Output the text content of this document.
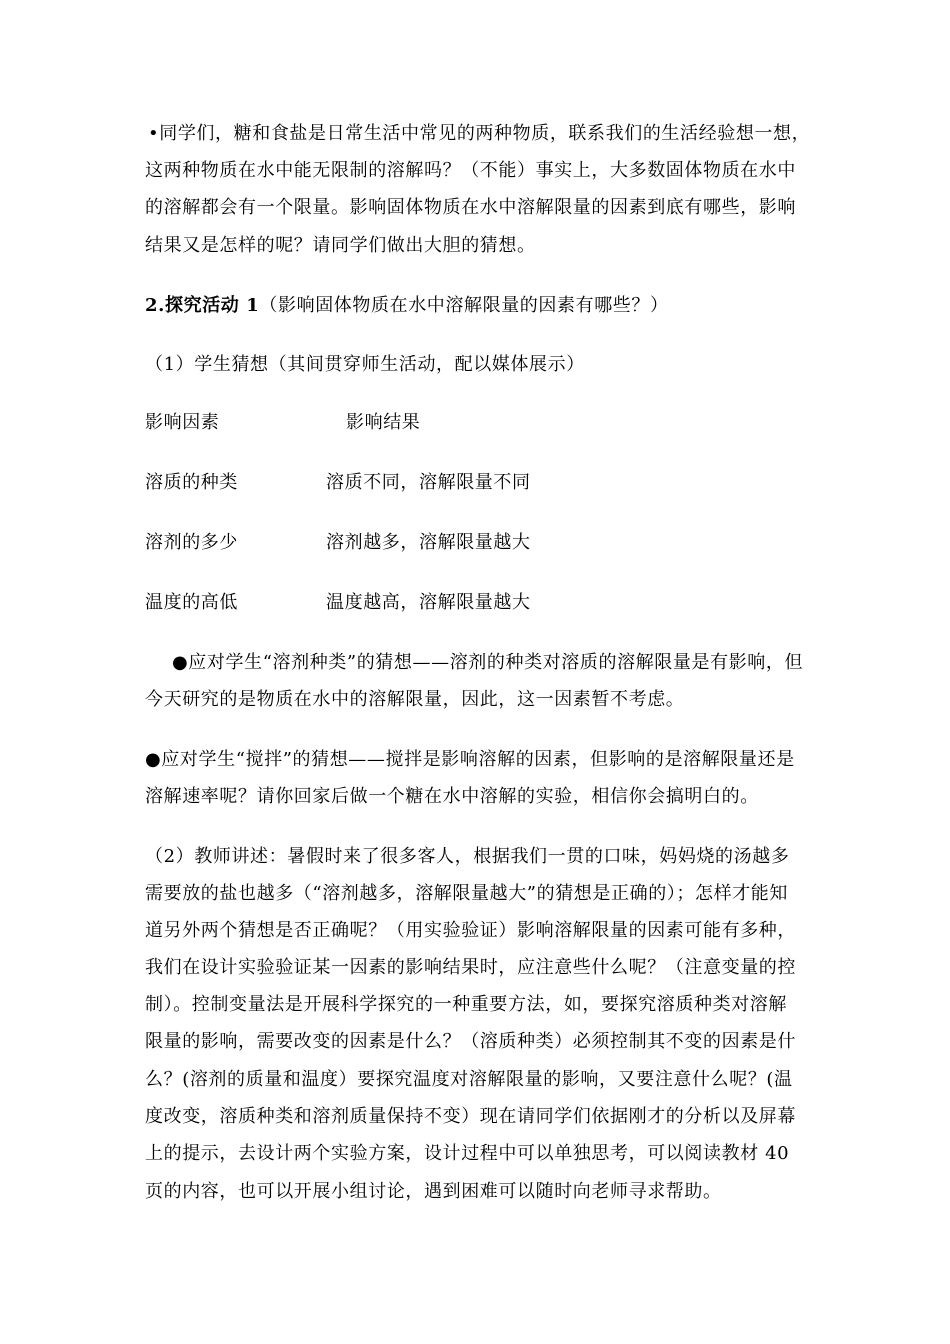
•同学们，糖和食盐是日常生活中常见的两种物质，联系我们的生活经验想一想，
这两种物质在水中能无限制的溶解吗？（不能）事实上，大多数固体物质在水中
的溶解都会有一个限量。影响固体物质在水中溶解限量的因素到底有哪些，影响
结果又是怎样的呢？请同学们做出大胆的猜想。
2.探究活动 1（影响固体物质在水中溶解限量的因素有哪些？）
（1）学生猜想（其间贯穿师生活动，配以媒体展示）
影响因素	影响结果
溶质的种类	溶质不同，溶解限量不同
溶剂的多少	溶剂越多，溶解限量越大
温度的高低	温度越高，溶解限量越大
●应对学生“溶剂种类”的猜想——溶剂的种类对溶质的溶解限量是有影响，但
今天研究的是物质在水中的溶解限量，因此，这一因素暂不考虑。
●应对学生“搅拌”的猜想——搅拌是影响溶解的因素，但影响的是溶解限量还是
溶解速率呢？请你回家后做一个糖在水中溶解的实验，相信你会搞明白的。
（2）教师讲述：暑假时来了很多客人，根据我们一贯的口味，妈妈烧的汤越多
需要放的盐也越多（“溶剂越多，溶解限量越大”的猜想是正确的）；怎样才能知
道另外两个猜想是否正确呢？（用实验验证）影响溶解限量的因素可能有多种，
我们在设计实验验证某一因素的影响结果时，应注意些什么呢？（注意变量的控
制）。控制变量法是开展科学探究的一种重要方法，如，要探究溶质种类对溶解
限量的影响，需要改变的因素是什么？（溶质种类）必须控制其不变的因素是什
么？(溶剂的质量和温度）要探究温度对溶解限量的影响，又要注意什么呢？(温
度改变，溶质种类和溶剂质量保持不变）现在请同学们依据刚才的分析以及屏幕
上的提示，去设计两个实验方案，设计过程中可以单独思考，可以阅读教材 40
页的内容，也可以开展小组讨论，遇到困难可以随时向老师寻求帮助。
